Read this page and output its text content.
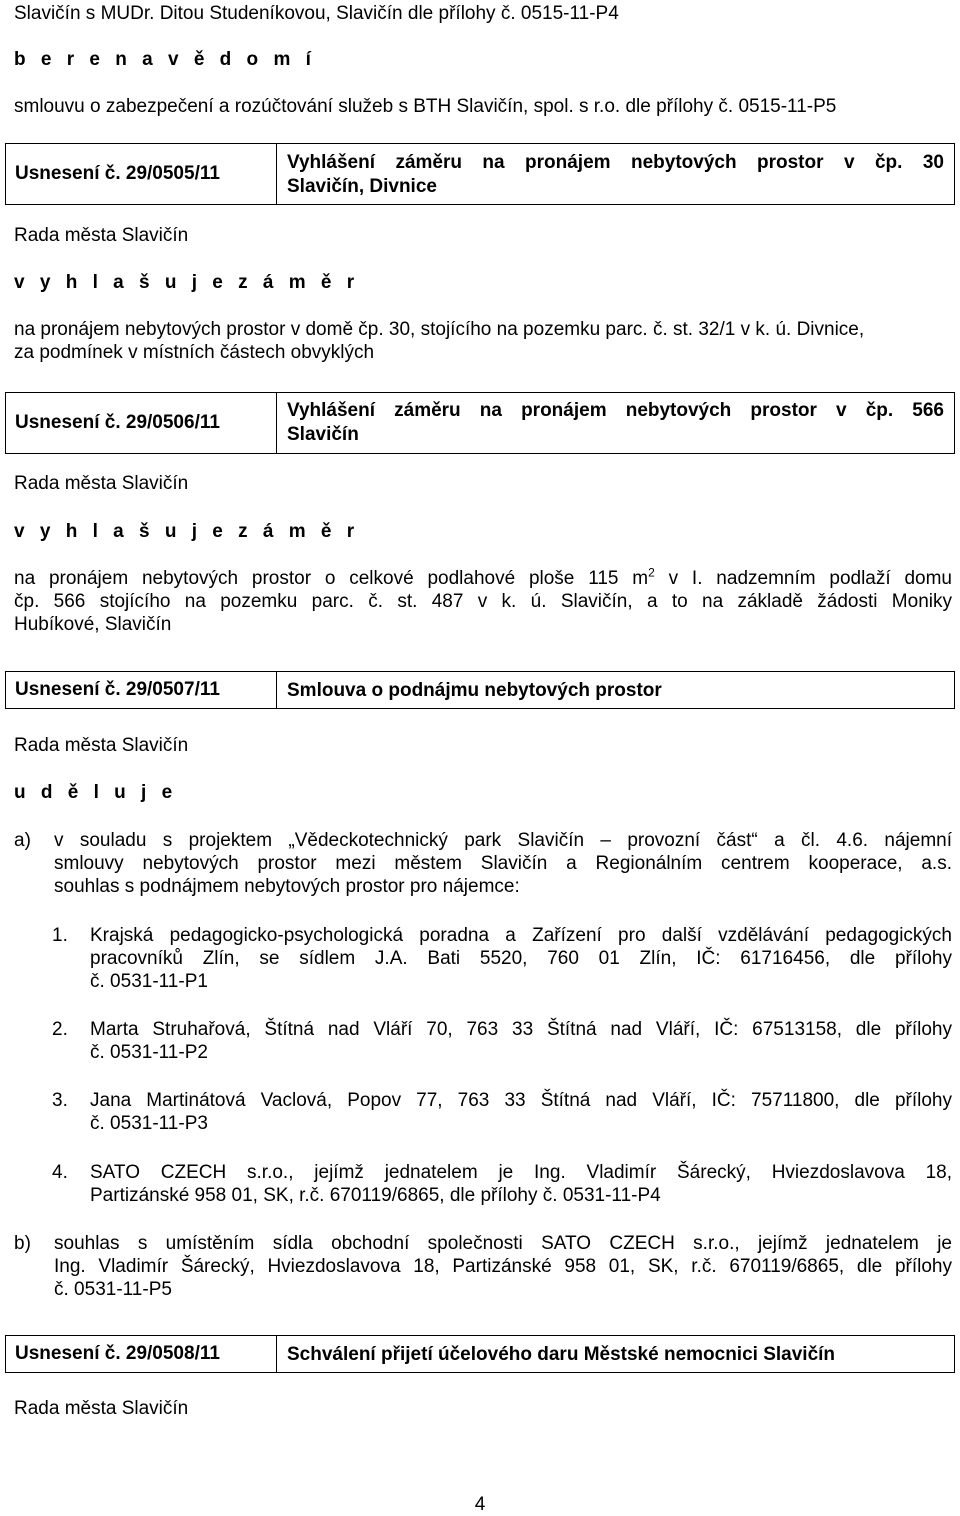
Slavičín s MUDr. Ditou Studeníkovou, Slavičín dle přílohy č. 0515-11-P4
b e r e n a v ě d o m í
smlouvu o zabezpečení a rozúčtování služeb s BTH Slavičín, spol. s r.o. dle přílohy č. 0515-11-P5
Usnesení č. 29/0505/11
Vyhlášení záměru na pronájem nebytových prostor v čp. 30
Slavičín, Divnice
Rada města Slavičín
v y h l a š u j e z á m ě r

na pronájem nebytových prostor v domě čp. 30, stojícího na pozemku parc. č. st. 32/1 v k. ú. Divnice,

za podmínek v místních částech obvyklých

Usnesení č. 29/0506/11
Vyhlášení záměru na pronájem nebytových prostor v čp. 566
Slavičín
Rada města Slavičín
v y h l a š u j e z á m ě r

na pronájem nebytových prostor o celkové podlahové ploše 115 $m^2$ v I. nadzemním podlaží domu

čp. 566 stojícího na pozemku parc. č. st. 487 v k. ú. Slavičín, a to na základě žádosti Moniky

Hubíkové, Slavičín

Usnesení č. 29/0507/11	Smlouva o podnájmu nebytových prostor
Rada města Slavičín
u d ě l u j e
a) v souladu s projektem „Vědeckotechnický park Slavičín – provozní část“ a čl. 4.6. nájemní
smlouvy nebytových prostor mezi městem Slavičín a Regionálním centrem kooperace, a.s.
souhlas s podnájmem nebytových prostor pro nájemce:
1. Krajská pedagogicko-psychologická poradna a Zařízení pro další vzdělávání pedagogických
pracovníků Zlín, se sídlem J.A. Bati 5520, 760 01 Zlín, IČ: 61716456, dle přílohy
č. 0531-11-P1
2. Marta Struhařová, Štítná nad Vláří 70, 763 33 Štítná nad Vláří, IČ: 67513158, dle přílohy
č. 0531-11-P2
3. Jana Martinátová Vaclová, Popov 77, 763 33 Štítná nad Vláří, IČ: 75711800, dle přílohy
č. 0531-11-P3
4. SATO CZECH s.r.o., jejímž jednatelem je Ing. Vladimír Šárecký, Hviezdoslavova 18,
Partizánské 958 01, SK, r.č. 670119/6865, dle přílohy č. 0531-11-P4
b) souhlas s umístěním sídla obchodní společnosti SATO CZECH s.r.o., jejímž jednatelem je
Ing. Vladimír Šárecký, Hviezdoslavova 18, Partizánské 958 01, SK, r.č. 670119/6865, dle přílohy
č. 0531-11-P5
Usnesení č. 29/0508/11	Schválení přijetí účelového daru Městské nemocnici Slavičín
Rada města Slavičín
4
